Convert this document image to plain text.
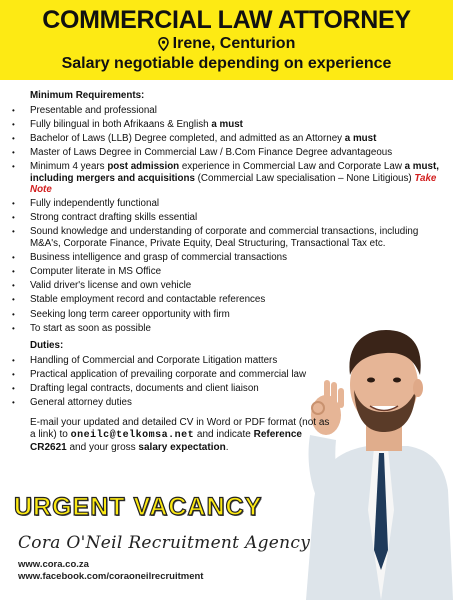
COMMERCIAL LAW ATTORNEY
Irene, Centurion
Salary negotiable depending on experience
Minimum Requirements:
• Presentable and professional
• Fully bilingual in both Afrikaans & English a must
• Bachelor of Laws (LLB) Degree completed, and admitted as an Attorney a must
• Master of Laws Degree in Commercial Law / B.Com Finance Degree advantageous
• Minimum 4 years post admission experience in Commercial Law and Corporate Law a must, including mergers and acquisitions (Commercial Law specialisation – None Litigious) Take Note
• Fully independently functional
• Strong contract drafting skills essential
• Sound knowledge and understanding of corporate and commercial transactions, including M&A's, Corporate Finance, Private Equity, Deal Structuring, Transactional Tax etc.
• Business intelligence and grasp of commercial transactions
• Computer literate in MS Office
• Valid driver's license and own vehicle
• Stable employment record and contactable references
• Seeking long term career opportunity with firm
• To start as soon as possible
Duties:
• Handling of Commercial and Corporate Litigation matters
• Practical application of prevailing corporate and commercial law
• Drafting legal contracts, documents and client liaison
• General attorney duties
E-mail your updated and detailed CV in Word or PDF format (not as a link) to oneilc@telkomsa.net and indicate Reference CR2621 and your gross salary expectation.
URGENT VACANCY
Cora O'Neil Recruitment Agency
www.cora.co.za
www.facebook.com/coraoneilrecruitment
